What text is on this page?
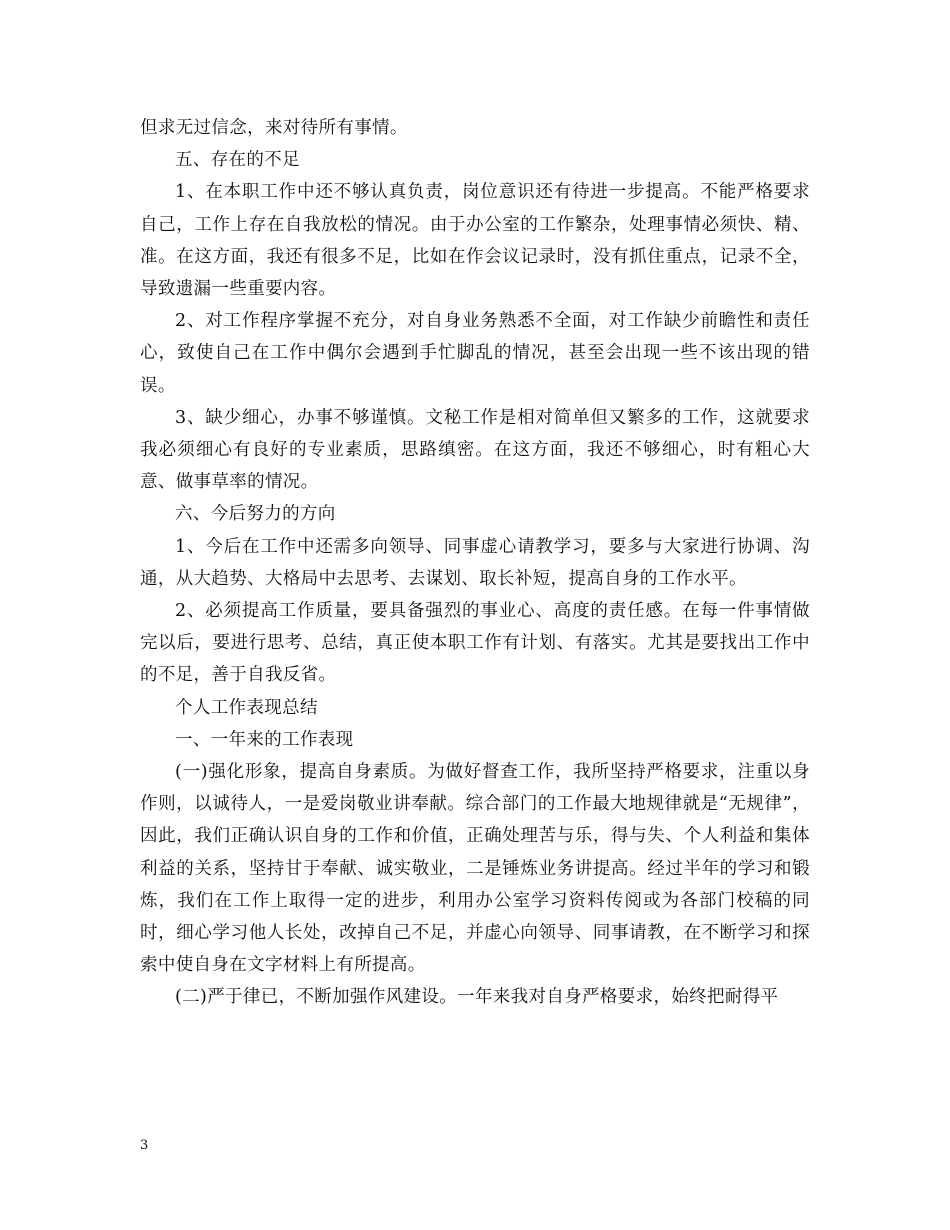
但求无过信念，来对待所有事情。

五、存在的不足

1、在本职工作中还不够认真负责，岗位意识还有待进一步提高。不能严格要求自己，工作上存在自我放松的情况。由于办公室的工作繁杂，处理事情必须快、精、准。在这方面，我还有很多不足，比如在作会议记录时，没有抓住重点，记录不全，导致遗漏一些重要内容。

2、对工作程序掌握不充分，对自身业务熟悉不全面，对工作缺少前瞻性和责任心，致使自己在工作中偶尔会遇到手忙脚乱的情况，甚至会出现一些不该出现的错误。

3、缺少细心，办事不够谨慎。文秘工作是相对简单但又繁多的工作，这就要求我必须细心有良好的专业素质，思路缜密。在这方面，我还不够细心，时有粗心大意、做事草率的情况。

六、今后努力的方向

1、今后在工作中还需多向领导、同事虚心请教学习，要多与大家进行协调、沟通，从大趋势、大格局中去思考、去谋划、取长补短，提高自身的工作水平。

2、必须提高工作质量，要具备强烈的事业心、高度的责任感。在每一件事情做完以后，要进行思考、总结，真正使本职工作有计划、有落实。尤其是要找出工作中的不足，善于自我反省。

个人工作表现总结

一、一年来的工作表现

(一)强化形象，提高自身素质。为做好督查工作，我所坚持严格要求，注重以身作则，以诚待人，一是爱岗敬业讲奉献。综合部门的工作最大地规律就是“无规律”，因此，我们正确认识自身的工作和价值，正确处理苦与乐，得与失、个人利益和集体利益的关系，坚持甘于奉献、诚实敬业，二是锤炼业务讲提高。经过半年的学习和锻炼，我们在工作上取得一定的进步，利用办公室学习资料传阅或为各部门校稿的同时，细心学习他人长处，改掉自己不足，并虚心向领导、同事请教，在不断学习和探索中使自身在文字材料上有所提高。

(二)严于律已，不断加强作风建设。一年来我对自身严格要求，始终把耐得平

3
